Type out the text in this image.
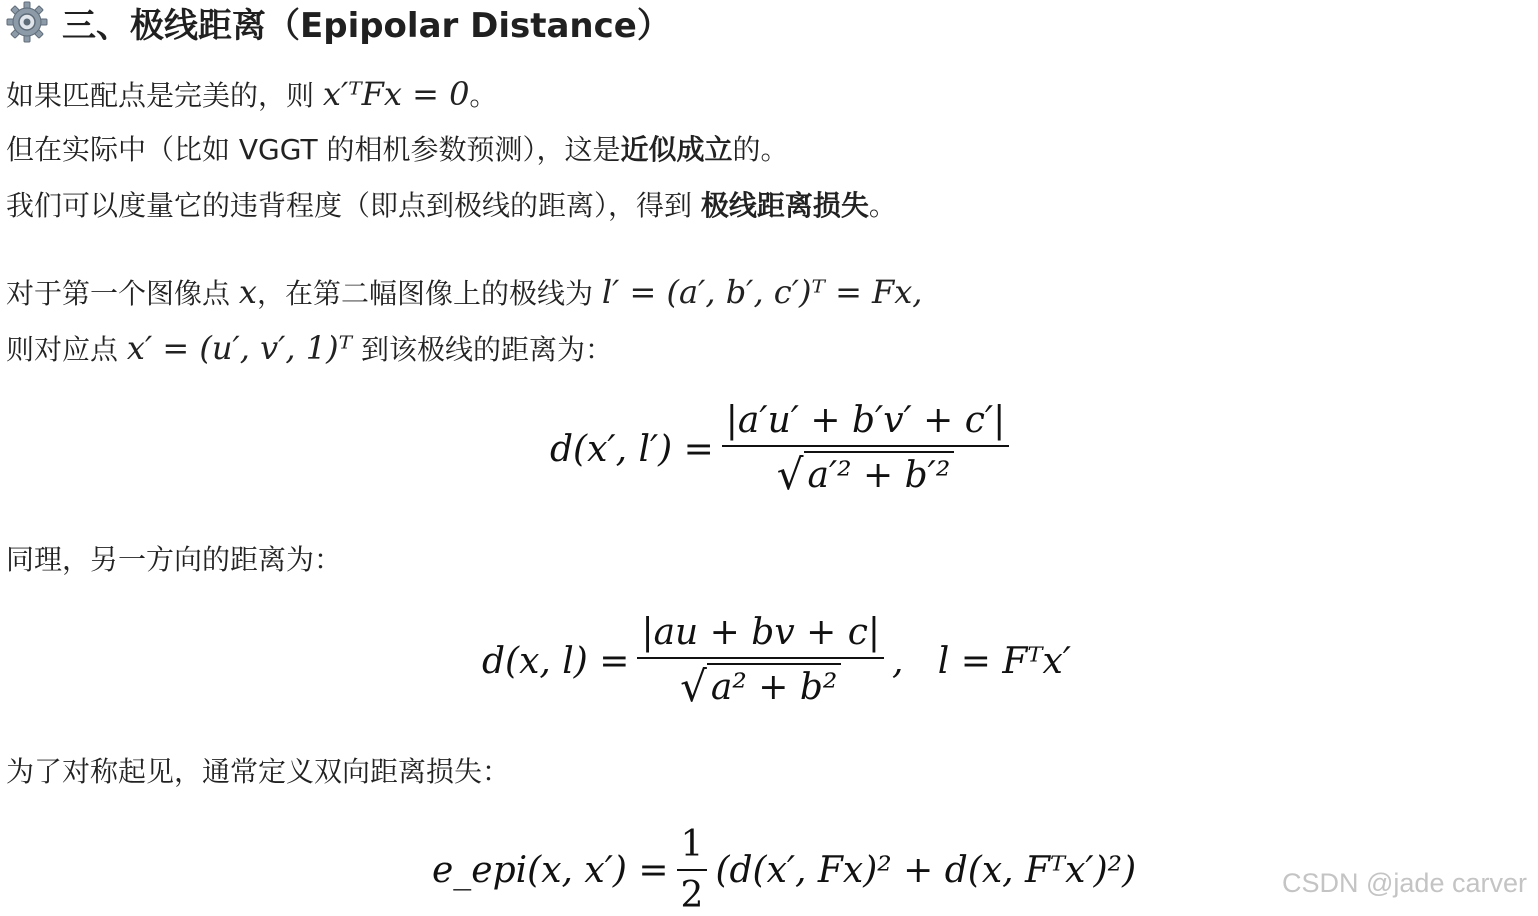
三、极线距离（Epipolar Distance）
如果匹配点是完美的，则 x′ᵀFx = 0。
但在实际中（比如 VGGT 的相机参数预测），这是近似成立的。
我们可以度量它的违背程度（即点到极线的距离），得到 极线距离损失。
对于第一个图像点 x，在第二幅图像上的极线为 l′ = (a′, b′, c′)ᵀ = Fx,
则对应点 x′ = (u′, v′, 1)ᵀ 到该极线的距离为：
d(x′, $l') = \frac{|a'u' + b'v' + c'|}{\text{√ a′² + b′²}}$
同理，另一方向的距离为：
d(x, $l) = \frac{|au + bv + c|}{\text{√ a² + b²}}$ ,   l = Fᵀx′
为了对称起见，通常定义双向距离损失：
e_epi(x, $x') = \frac{1}{2} (d(x'$, Fx)² + d(x, Fᵀx′)²)	CSDN @jade carver
